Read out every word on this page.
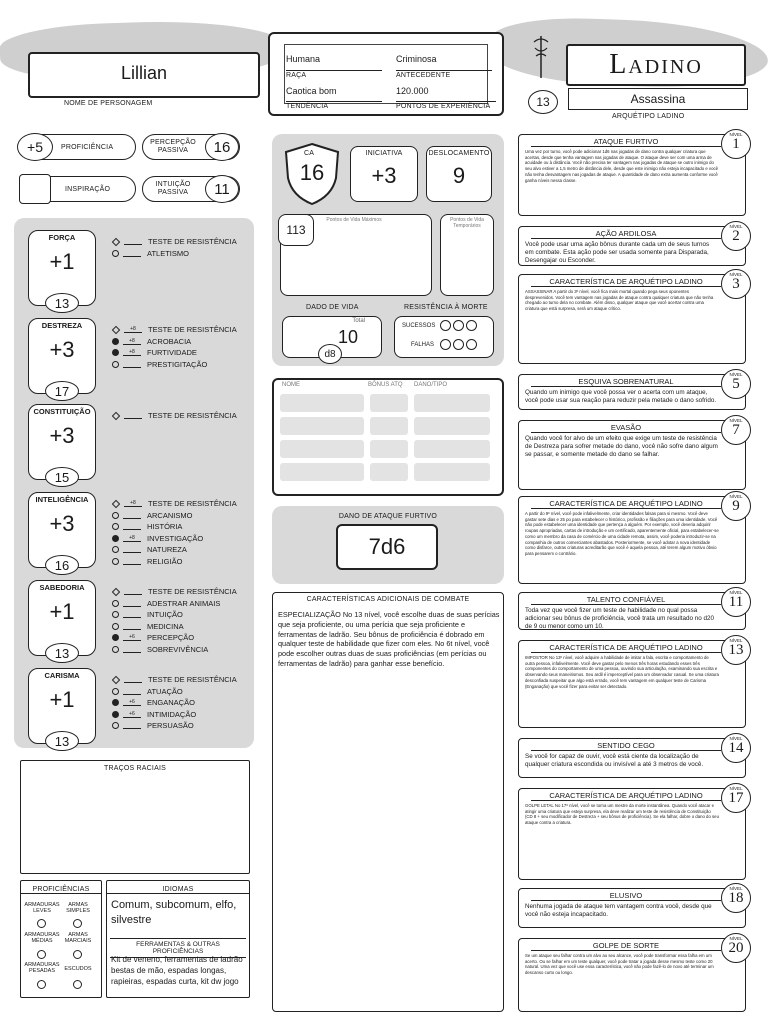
Lillian
NOME DE PERSONAGEM
Humana
RAÇA
Criminosa
ANTECEDENTE
Caotica bom
TENDÊNCIA
120.000
PONTOS DE EXPERIÊNCIA
Ladino
Assassina
ARQUÉTIPO LADINO
13
+5	PROFICIÊNCIA
PERCEPÇÃO PASSIVA	16
INSPIRAÇÃO
INTUIÇÃO PASSIVA	11
FORÇA
+1
13
TESTE DE RESISTÊNCIA
ATLETISMO
DESTREZA
+3
17
+8	TESTE DE RESISTÊNCIA
+8	ACROBACIA
+8	FURTIVIDADE
PRESTIGITAÇÃO
CONSTITUIÇÃO
+3
15
TESTE DE RESISTÊNCIA
INTELIGÊNCIA
+3
16
+8	TESTE DE RESISTÊNCIA
ARCANISMO
HISTÓRIA
+8	INVESTIGAÇÃO
NATUREZA
RELIGIÃO
SABEDORIA
+1
13
TESTE DE RESISTÊNCIA
ADESTRAR ANIMAIS
INTUIÇÃO
MEDICINA
+6	PERCEPÇÃO
SOBREVIVÊNCIA
CARISMA
+1
13
TESTE DE RESISTÊNCIA
ATUAÇÃO
+6	ENGANAÇÃO
+6	INTIMIDAÇÃO
PERSUASÃO
CA
16
INICIATIVA
+3
DESLOCAMENTO
9
Pontos de Vida Máximos
113
Pontos de Vida Temporários
DADO DE VIDA
Total
10
d8
RESISTÊNCIA À MORTE
SUCESSOS
FALHAS
NOME	BÔNUS ATQ DANO/TIPO
DANO DE ATAQUE FURTIVO
7d6
CARACTERÍSTICAS ADICIONAIS DE COMBATE
ESPECIALIZAÇÃO No 13 nível, você escolhe duas de suas perícias que seja proficiente, ou uma perícia que seja proficiente e ferramentas de ladrão. Seu bônus de proficiência é dobrado em qualquer teste de habilidade que fizer com eles. No 6t nível, você pode escolher outras duas de suas proficiências (em perícias ou ferramentas de ladrão) para ganhar esse benefício.
TRAÇOS RACIAIS
PROFICIÊNCIAS
ARMADURAS LEVES
ARMAS SIMPLES
ARMADURAS MÉDIAS
ARMAS MARCIAIS
ARMADURAS PESADAS	ESCUDOS
IDIOMAS
Comum, subcomum, elfo, silvestre
FERRAMENTAS & OUTRAS PROFICIÊNCIAS
Kit de veneno, ferramentas de ladrão bestas de mão, espadas longas, rapieiras, espadas curta, kit dw jogo
ATAQUE FURTIVO
Uma vez por turno, você pode adicionar 1d6 nas jogadas de dano contra qualquer criatura que acertas, desde que tenha vantagem nas jogadas de ataque. O ataque deve ser com uma arma de acuidade ou à distância. Você não precisa ter vantagem nas jogadas de ataque se outro inimigo do seu alvo estiver a 1,5 metro de distância dele, desde que este inimigo não esteja incapacitado e você não tenha desvantagem nas jogadas de ataque. A quantidade de dano extra aumenta conforme você ganha níveis nessa classe.
NÍVEL
1
AÇÃO ARDILOSA
Você pode usar uma ação bônus durante cada um de seus turnos em combate. Esta ação pode ser usada somente para Disparada, Desengajar ou Esconder.
NÍVEL
2
CARACTERÍSTICA DE ARQUÉTIPO LADINO
ASSASSINAR A partir do 3º nível, você fica mais mortal quando pega seus oponentes desprevenidos. Você tem vantagem nas jogadas de ataque contra qualquer criatura que não tenha chegado ao turno dela no combate. Além disso, qualquer ataque que você acertar contra uma criatura que está surpresa, será um ataque crítico.
NÍVEL
3
ESQUIVA SOBRENATURAL
Quando um inimigo que você possa ver o acerta com um ataque, você pode usar sua reação para reduzir pela metade o dano sofrido.
NÍVEL
5
EVASÃO
Quando você for alvo de um efeito que exige um teste de resistência de Destreza para sofrer metade do dano, você não sofre dano algum se passar, e somente metade do dano se falhar.
NÍVEL
7
CARACTERÍSTICA DE ARQUÉTIPO LADINO
A partir do 9º nível, você pode infalivelmente, criar identidades falsas para si mesmo. Você deve gastar sete dias e 25 po para estabelecer o histórico, profissão e filiações para uma identidade. Você não pode estabelecer uma identidade que pertença a alguém. Por exemplo, você deveria adquirir roupas apropriadas, cartas de introdução e um certificado, aparentemente oficial, para estabelecer-se como um membro da casa de comércio de uma cidade remota, assim, você poderia introduzir-se na companhia de outros comerciantes abastados. Posteriormente, se você adotar a nova identidade como disfarce, outras criaturas acreditarão que você é aquela pessoa, até terem algum motivo óbvio para pensarem o contrário.
NÍVEL
9
TALENTO CONFIÁVEL
Toda vez que você fizer um teste de habilidade no qual possa adicionar seu bônus de proficiência, você trata um resultado no d20 de 9 ou menor como um 10.
NÍVEL
11
CARACTERÍSTICA DE ARQUÉTIPO LADINO
IMPOSTOR No 13º nível, você adquire a habilidade de imitar a fala, escrita e comportamento de outra pessoa, infalivelmente. Você deve gastar pelo menos três horas estudando esses três componentes do comportamento de uma pessoa, ouvindo sua articulação, examinando sua escrita e observando seus maneirismos. Seu ardil é imperceptível para um observador casual. Se uma criatura desconfiada suspeitar que algo está errado, você tem vantagem em qualquer teste de Carisma (Enganação) que você fizer para evitar ser detectado.
NÍVEL
13
SENTIDO CEGO
Se você for capaz de ouvir, você está ciente da localização de qualquer criatura escondida ou invisível a até 3 metros de você.
NÍVEL
14
CARACTERÍSTICA DE ARQUÉTIPO LADINO
GOLPE LETAL No 17º nível, você se torna um mestre da morte instantânea. Quando você atacar e atingir uma criatura que esteja surpresa, ela deve realizar um teste de resistência de Constituição (CD 8 + seu modificador de Destreza + seu bônus de proficiência). Se ela falhar, dobre o dano do seu ataque contra a criatura.
NÍVEL
17
ELUSIVO
Nenhuma jogada de ataque tem vantagem contra você, desde que você não esteja incapacitado.
NÍVEL
18
GOLPE DE SORTE
Se um ataque seu falhar contra um alvo ao seu alcance, você pode transformar essa falha em um acerto. Ou se falhar em um teste qualquer, você pode tratar a jogada desse mesmo teste como 20 natural. Uma vez que você use essa característica, você não pode fazê-lo de novo até terminar um descanso curto ou longo.
NÍVEL
20
